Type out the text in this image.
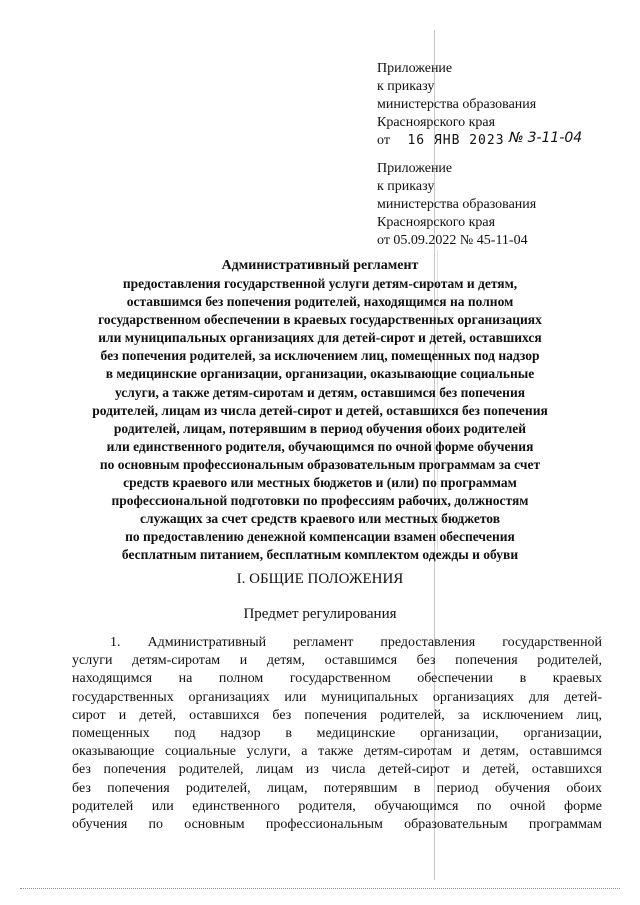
Приложение
к приказу
министерства образования
Красноярского края
от 16 ЯНВ 2023 № 3-11-04
Приложение
к приказу
министерства образования
Красноярского края
от 05.09.2022 № 45-11-04
Административный регламент
предоставления государственной услуги детям-сиротам и детям,
оставшимся без попечения родителей, находящимся на полном
государственном обеспечении в краевых государственных организациях
или муниципальных организациях для детей-сирот и детей, оставшихся
без попечения родителей, за исключением лиц, помещенных под надзор
в медицинские организации, организации, оказывающие социальные
услуги, а также детям-сиротам и детям, оставшимся без попечения
родителей, лицам из числа детей-сирот и детей, оставшихся без попечения
родителей, лицам, потерявшим в период обучения обоих родителей
или единственного родителя, обучающимся по очной форме обучения
по основным профессиональным образовательным программам за счет
средств краевого или местных бюджетов и (или) по программам
профессиональной подготовки по профессиям рабочих, должностям
служащих за счет средств краевого или местных бюджетов
по предоставлению денежной компенсации взамен обеспечения
бесплатным питанием, бесплатным комплектом одежды и обуви
I. ОБЩИЕ ПОЛОЖЕНИЯ
Предмет регулирования
1. Административный регламент предоставления государственной
услуги детям-сиротам и детям, оставшимся без попечения родителей,
находящимся на полном государственном обеспечении в краевых
государственных организациях или муниципальных организациях для детей-
сирот и детей, оставшихся без попечения родителей, за исключением лиц,
помещенных под надзор в медицинские организации, организации,
оказывающие социальные услуги, а также детям-сиротам и детям, оставшимся
без попечения родителей, лицам из числа детей-сирот и детей, оставшихся
без попечения родителей, лицам, потерявшим в период обучения обоих
родителей или единственного родителя, обучающимся по очной форме
обучения по основным профессиональным образовательным программам
